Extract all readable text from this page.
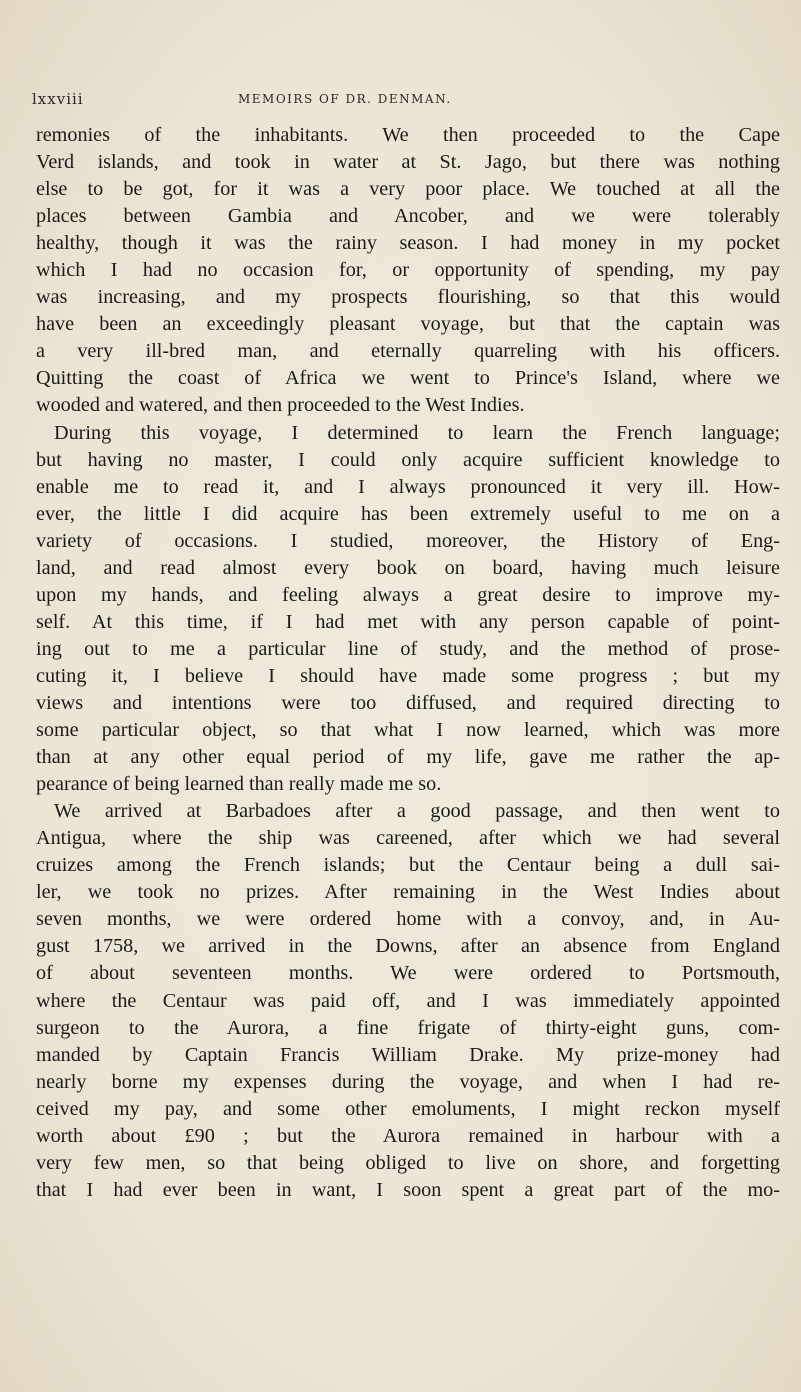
lxxviii	MEMOIRS OF DR. DENMAN.
remonies of the inhabitants. We then proceeded to the Cape
Verd islands, and took in water at St. Jago, but there was nothing
else to be got, for it was a very poor place. We touched at all the
places between Gambia and Ancober, and we were tolerably
healthy, though it was the rainy season. I had money in my pocket
which I had no occasion for, or opportunity of spending, my pay
was increasing, and my prospects flourishing, so that this would
have been an exceedingly pleasant voyage, but that the captain was
a very ill-bred man, and eternally quarreling with his officers.
Quitting the coast of Africa we went to Prince's Island, where we
wooded and watered, and then proceeded to the West Indies.
During this voyage, I determined to learn the French language;
but having no master, I could only acquire sufficient knowledge to
enable me to read it, and I always pronounced it very ill. How-
ever, the little I did acquire has been extremely useful to me on a
variety of occasions. I studied, moreover, the History of Eng-
land, and read almost every book on board, having much leisure
upon my hands, and feeling always a great desire to improve my-
self. At this time, if I had met with any person capable of point-
ing out to me a particular line of study, and the method of prose-
cuting it, I believe I should have made some progress ; but my
views and intentions were too diffused, and required directing to
some particular object, so that what I now learned, which was more
than at any other equal period of my life, gave me rather the ap-
pearance of being learned than really made me so.
We arrived at Barbadoes after a good passage, and then went to
Antigua, where the ship was careened, after which we had several
cruizes among the French islands; but the Centaur being a dull sai-
ler, we took no prizes. After remaining in the West Indies about
seven months, we were ordered home with a convoy, and, in Au-
gust 1758, we arrived in the Downs, after an absence from England
of about seventeen months. We were ordered to Portsmouth,
where the Centaur was paid off, and I was immediately appointed
surgeon to the Aurora, a fine frigate of thirty-eight guns, com-
manded by Captain Francis William Drake. My prize-money had
nearly borne my expenses during the voyage, and when I had re-
ceived my pay, and some other emoluments, I might reckon myself
worth about £90 ; but the Aurora remained in harbour with a
very few men, so that being obliged to live on shore, and forgetting
that I had ever been in want, I soon spent a great part of the mo-
